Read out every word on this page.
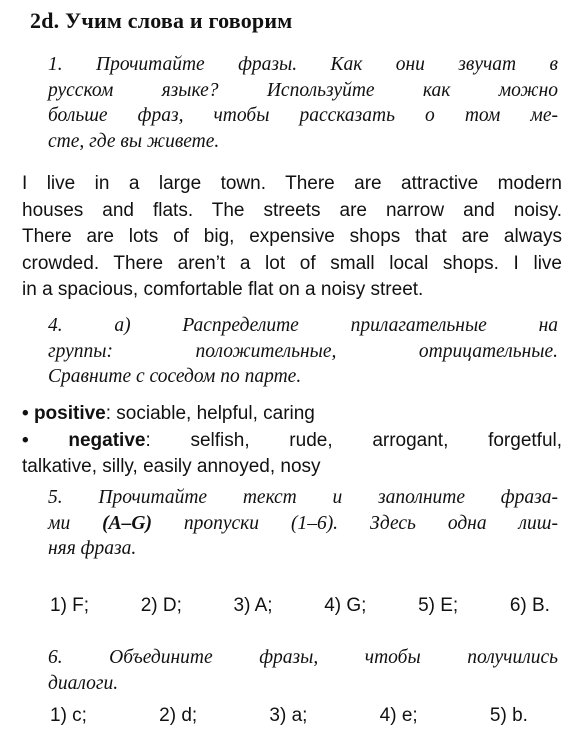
2d. Учим слова и говорим
1. Прочитайте фразы. Как они звучат в
русском языке? Используйте как можно
больше фраз, чтобы рассказать о том ме-
сте, где вы живете.
I live in a large town. There are attractive modern
houses and flats. The streets are narrow and noisy.
There are lots of big, expensive shops that are always
crowded. There aren’t a lot of small local shops. I live
in a spacious, comfortable flat on a noisy street.
4. а) Распределите прилагательные на
группы: положительные, отрицательные.
Сравните с соседом по парте.
• positive: sociable, helpful, caring
• negative: selfish, rude, arrogant, forgetful,
talkative, silly, easily annoyed, nosy
5. Прочитайте текст и заполните фраза-
ми (A–G) пропуски (1–6). Здесь одна лиш-
няя фраза.
1) F;	2) D;	3) A;	4) G;	5) E;	6) B.
6. Объедините фразы, чтобы получились
диалоги.
1) c;	2) d;	3) a;	4) e;	5) b.
